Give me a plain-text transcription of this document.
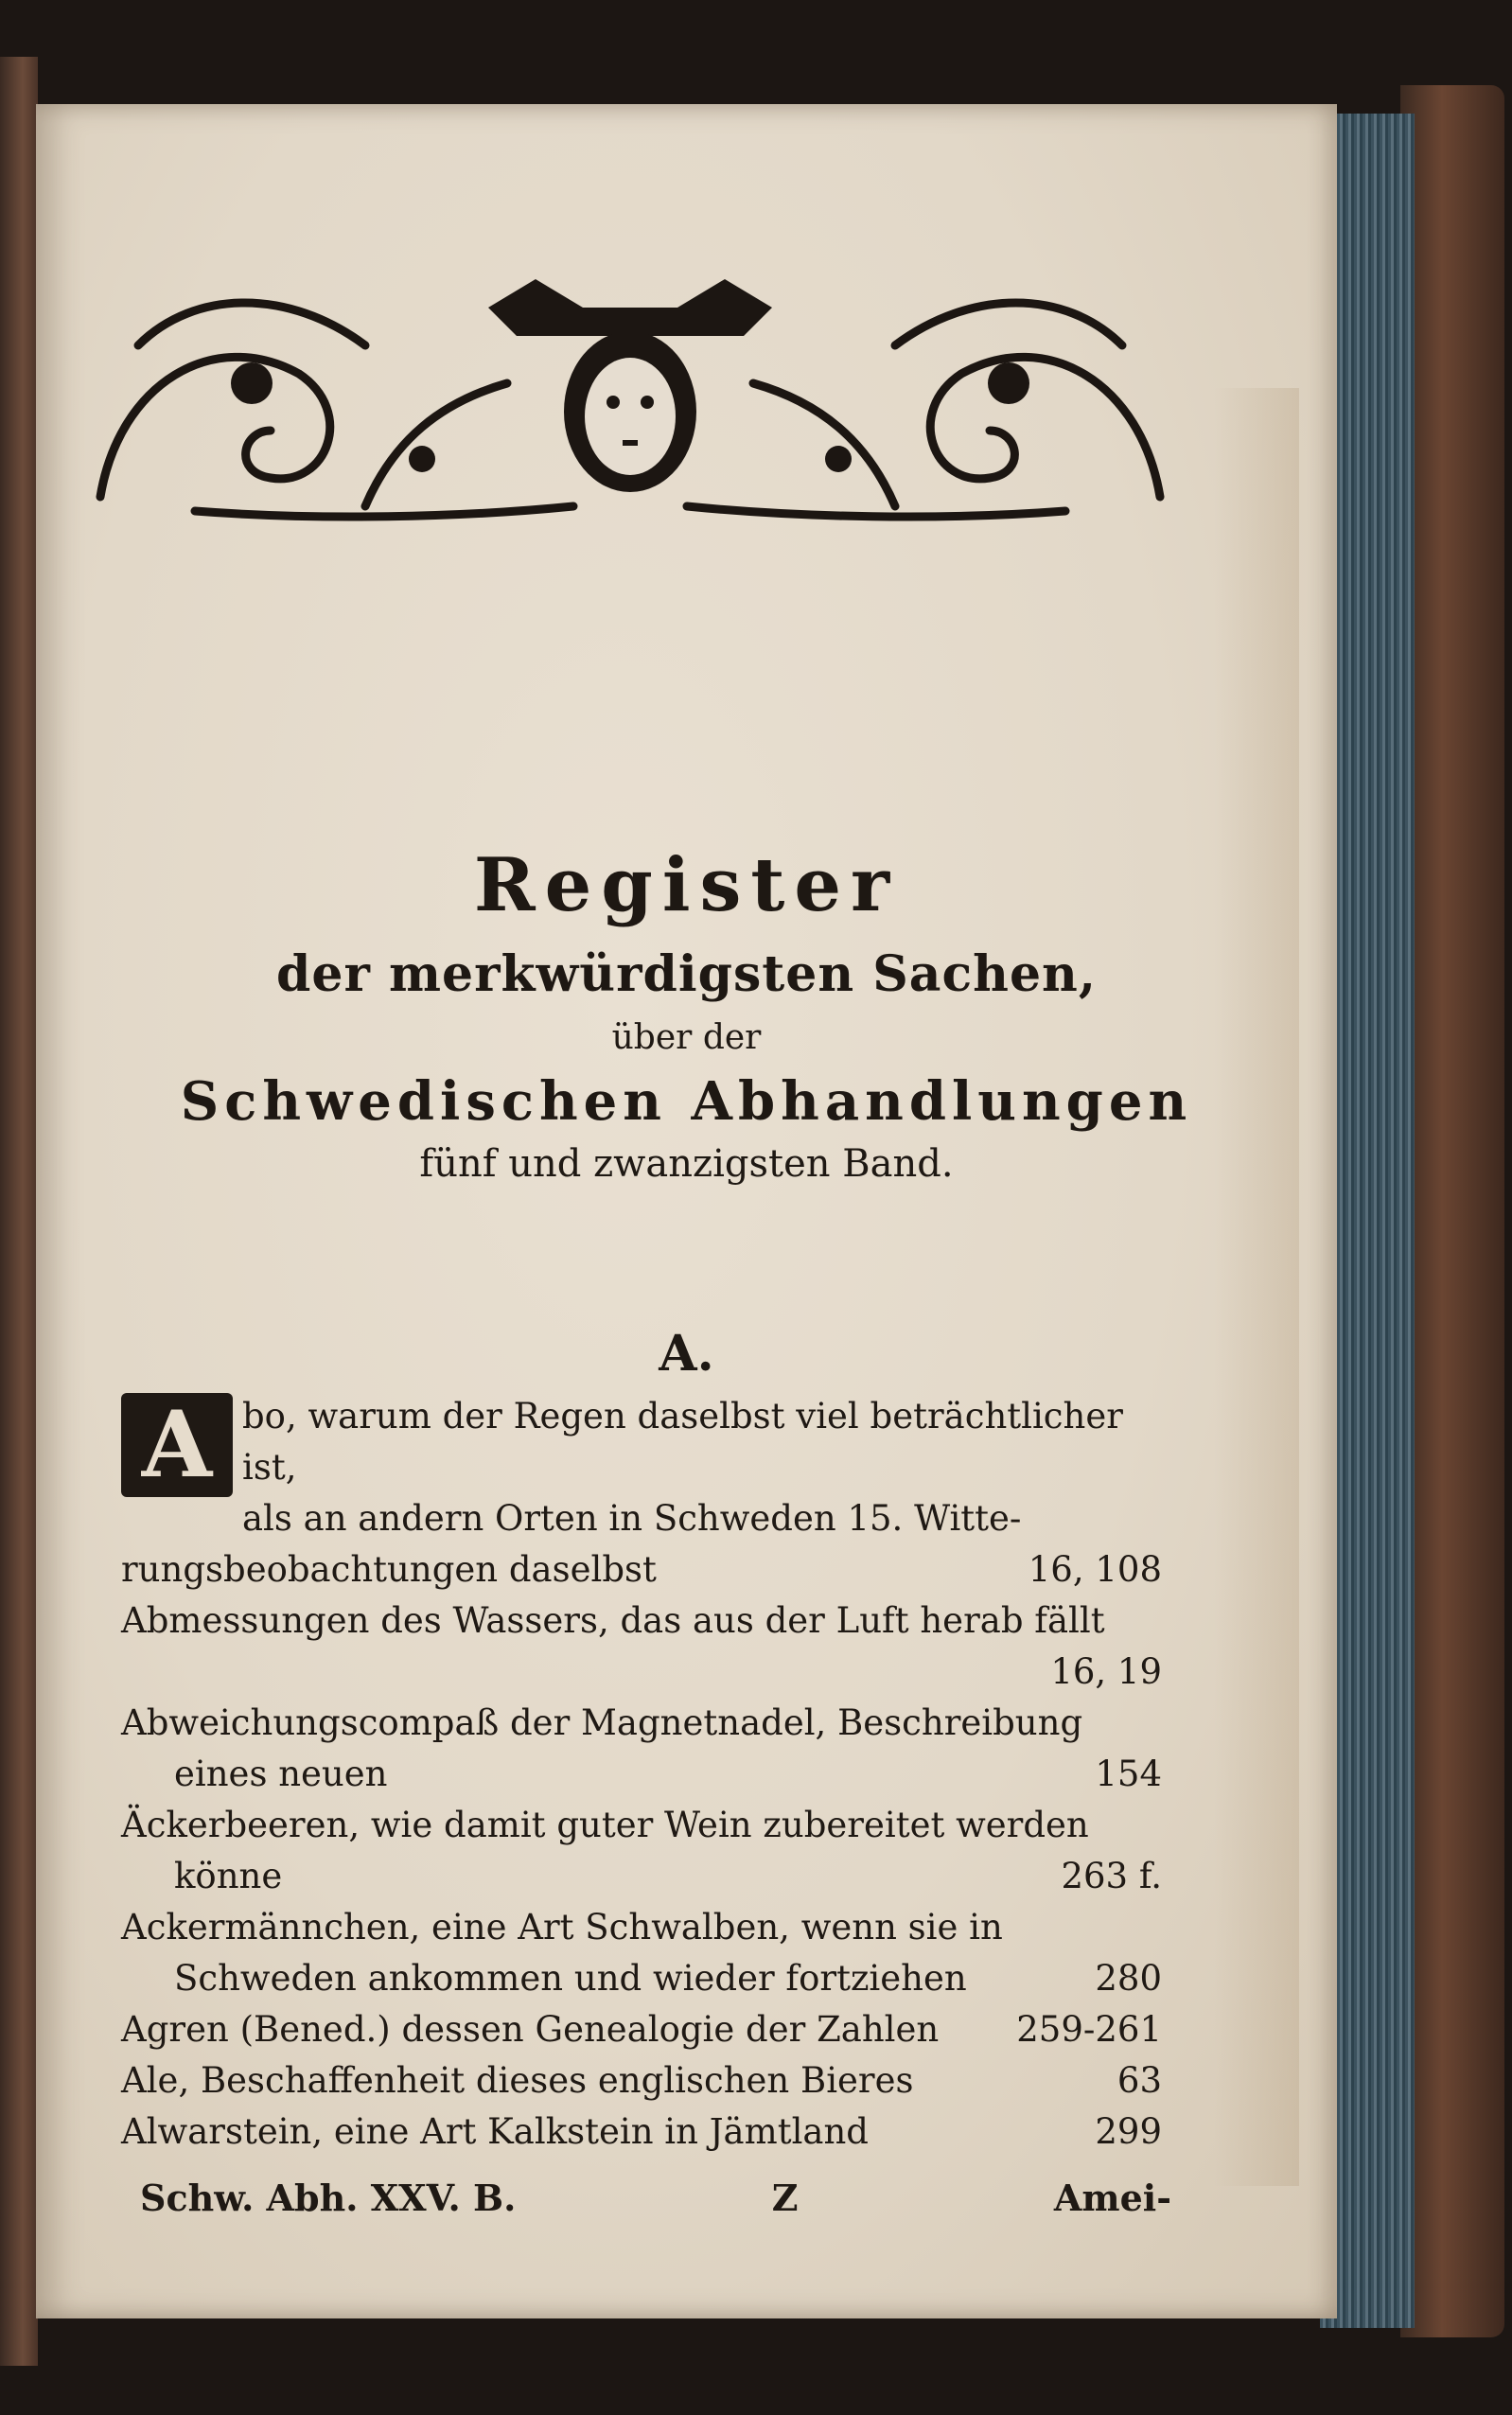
Register

der merkwürdigsten Sachen,

über der

Schwedischen Abhandlungen

fünf und zwanzigsten Band.

A.
A bo, warum der Regen daselbst viel beträchtlicher ist,
als an andern Orten in Schweden 15. Witte-
rungsbeobachtungen daselbst	16, 108
Abmessungen des Wassers, das aus der Luft herab fällt
16, 19
Abweichungscompaß der Magnetnadel, Beschreibung
eines neuen	154
Äckerbeeren, wie damit guter Wein zubereitet werden
könne	263 f.
Ackermännchen, eine Art Schwalben, wenn sie in
Schweden ankommen und wieder fortziehen	280
Agren (Bened.) dessen Genealogie der Zahlen 259-261
Ale, Beschaffenheit dieses englischen Bieres	63
Alwarstein, eine Art Kalkstein in Jämtland	299
Schw. Abh. XXV. B.	Z	Amei-
